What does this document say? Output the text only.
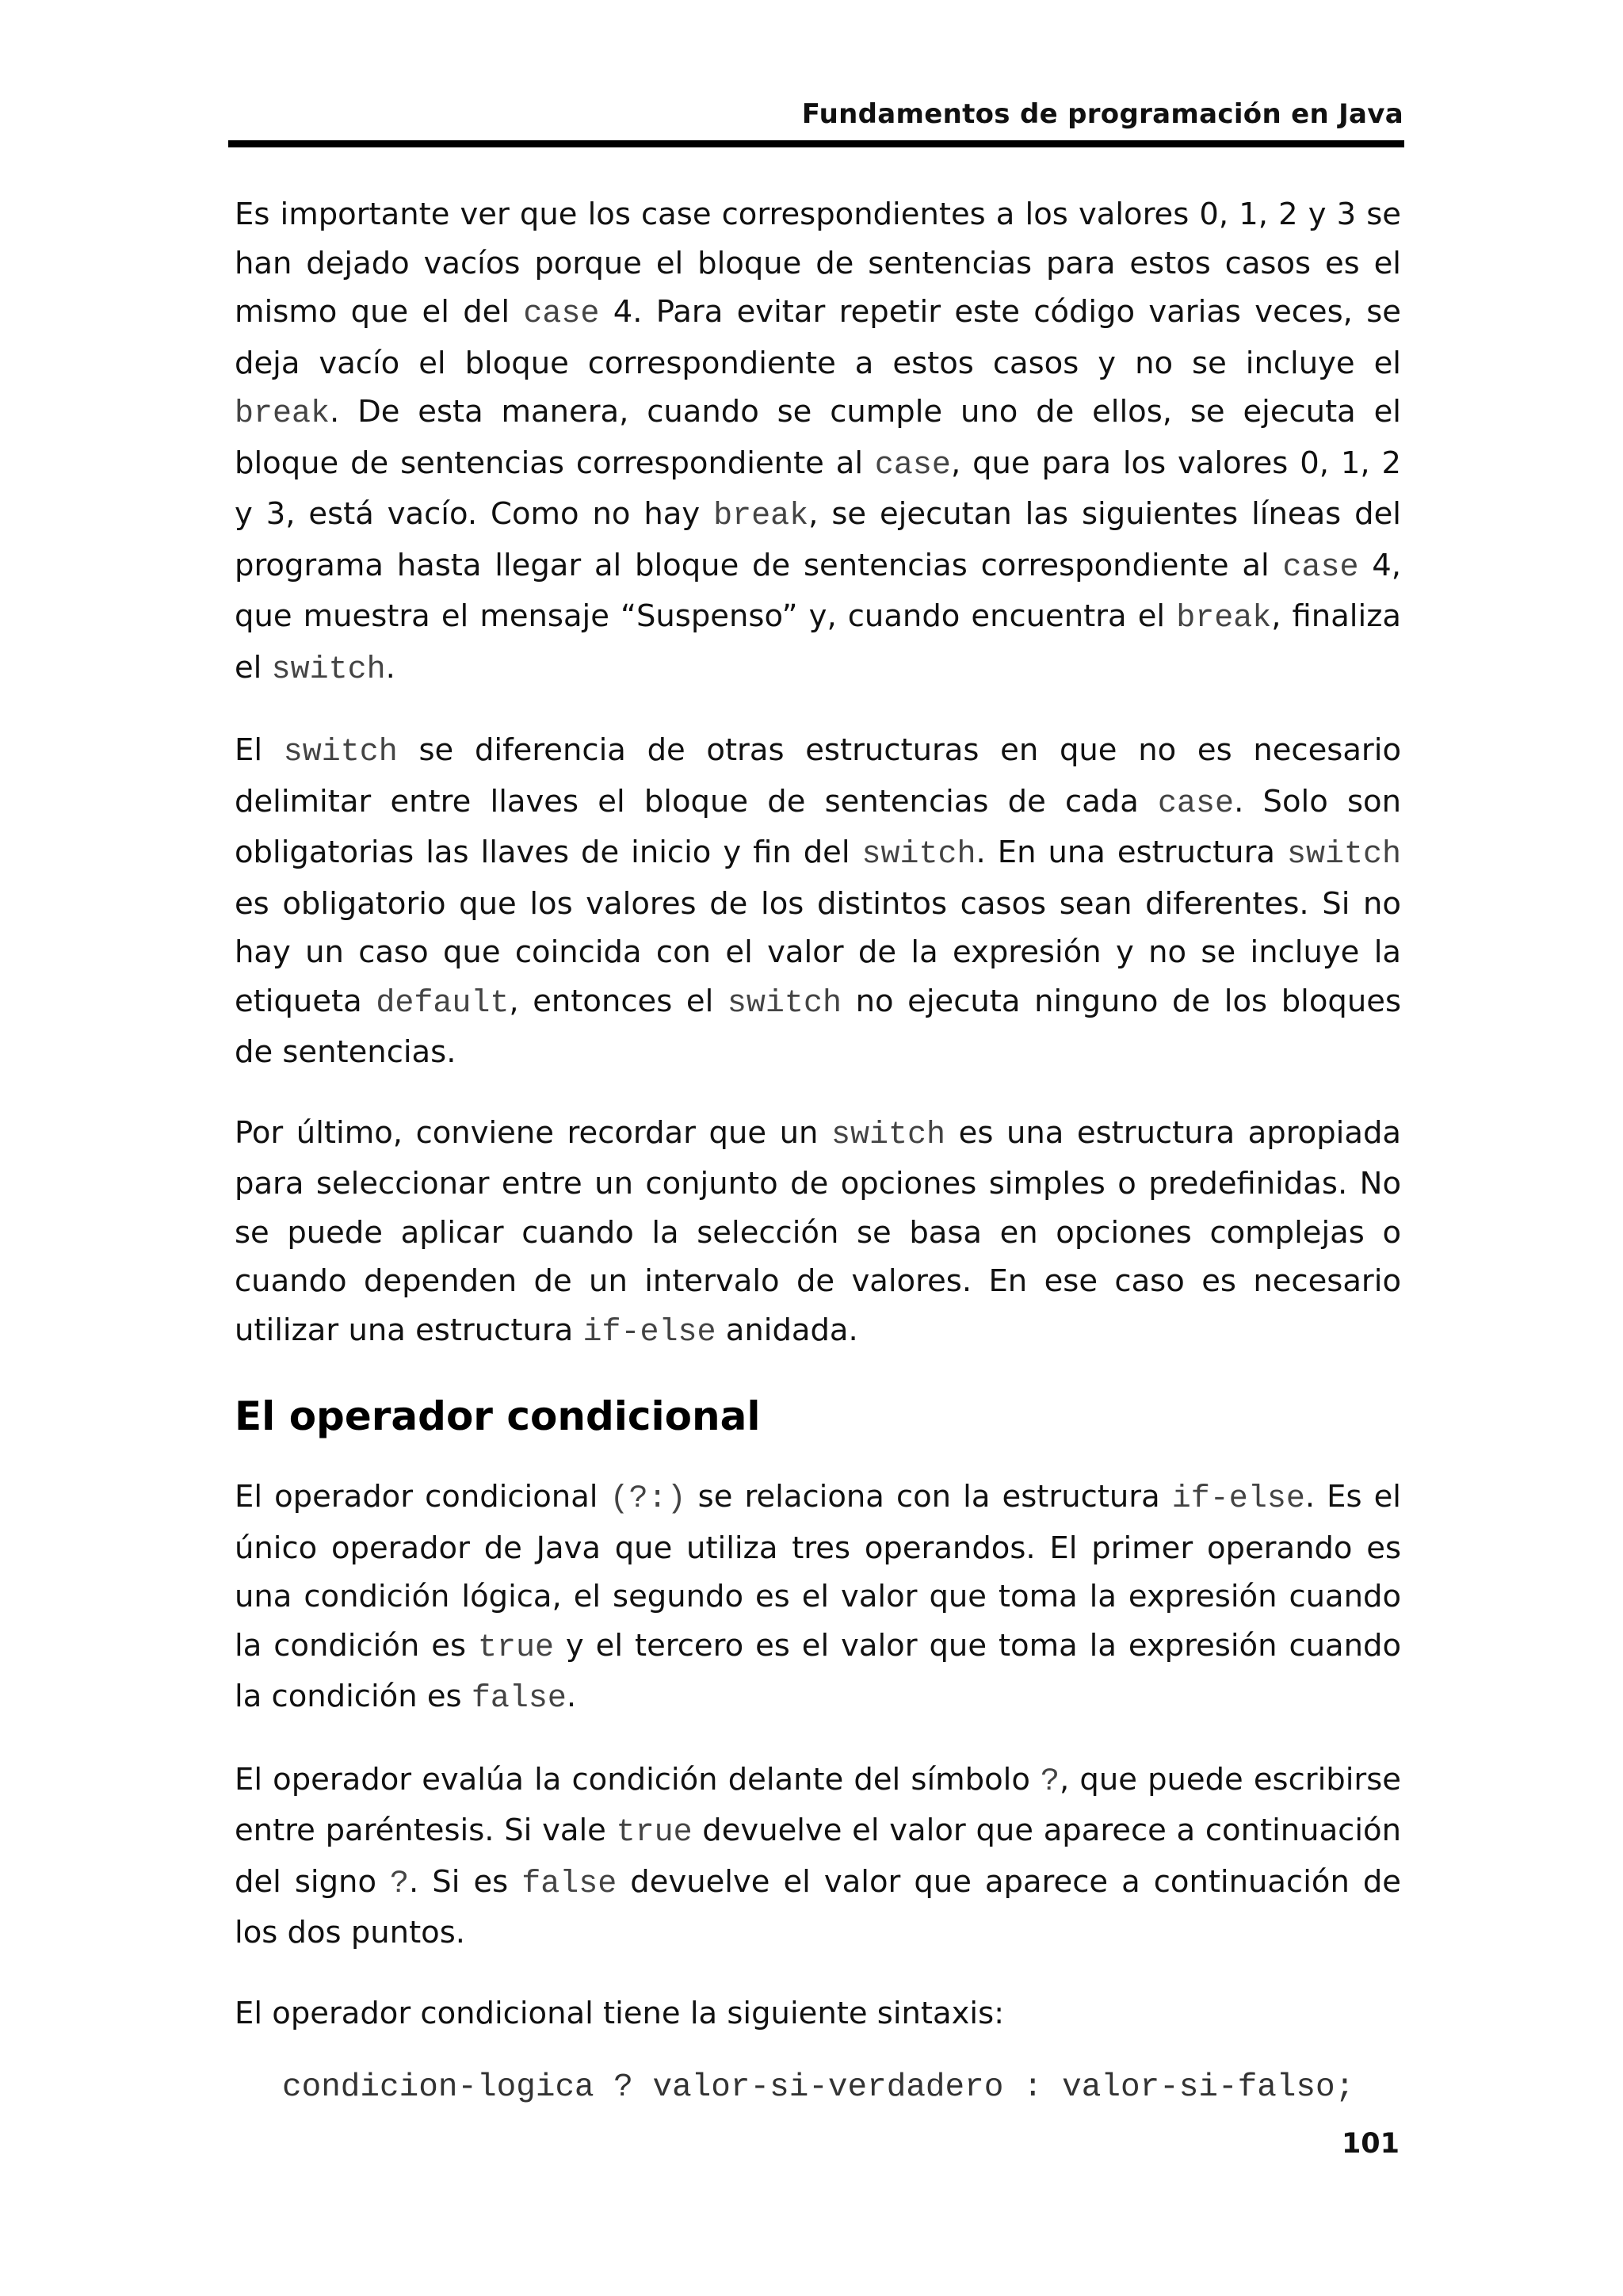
Fundamentos de programación en Java

Es importante ver que los case correspondientes a los valores 0, 1, 2 y 3 se han dejado vacíos porque el bloque de sentencias para estos casos es el mismo que el del case 4. Para evitar repetir este código varias veces, se deja vacío el bloque correspondiente a estos casos y no se incluye el break. De esta manera, cuando se cumple uno de ellos, se ejecuta el bloque de sentencias correspondiente al case, que para los valores 0, 1, 2 y 3, está vacío. Como no hay break, se ejecutan las siguientes líneas del programa hasta llegar al bloque de sentencias correspondiente al case 4, que muestra el mensaje “Suspenso” y, cuando encuentra el break, finaliza el switch.

El switch se diferencia de otras estructuras en que no es necesario delimitar entre llaves el bloque de sentencias de cada case. Solo son obligatorias las llaves de inicio y fin del switch. En una estructura switch es obligatorio que los valores de los distintos casos sean diferentes. Si no hay un caso que coincida con el valor de la expresión y no se incluye la etiqueta default, entonces el switch no ejecuta ninguno de los bloques de sentencias.

Por último, conviene recordar que un switch es una estructura apropiada para seleccionar entre un conjunto de opciones simples o predefinidas. No se puede aplicar cuando la selección se basa en opciones complejas o cuando dependen de un intervalo de valores. En ese caso es necesario utilizar una estructura if-else anidada.

El operador condicional

El operador condicional (?:) se relaciona con la estructura if-else. Es el único operador de Java que utiliza tres operandos. El primer operando es una condición lógica, el segundo es el valor que toma la expresión cuando la condición es true y el tercero es el valor que toma la expresión cuando la condición es false.

El operador evalúa la condición delante del símbolo ?, que puede escribirse entre paréntesis. Si vale true devuelve el valor que aparece a continuación del signo ?. Si es false devuelve el valor que aparece a continuación de los dos puntos.

El operador condicional tiene la siguiente sintaxis:

condicion-logica ? valor-si-verdadero : valor-si-falso;
101
